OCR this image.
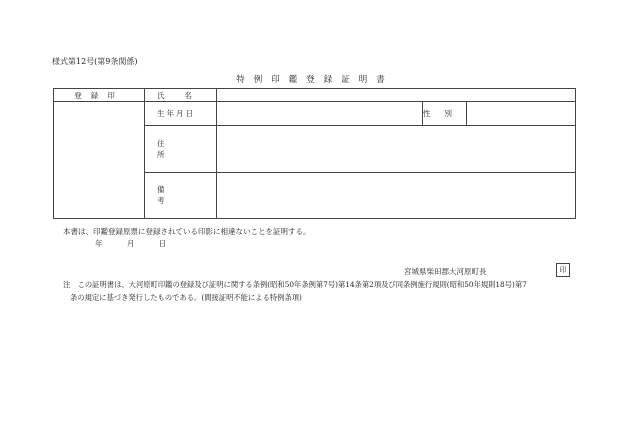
様式第12号(第9条関係)
特例印鑑登録証明書
登録印	氏名			

	生年月日		性別	

	住所			

	備考			

本書は、印鑑登録原票に登録されている印影に相違ないことを証明する。
年 月 日
宮城県柴田郡大河原町長	印
注　この証明書は、大河原町印鑑の登録及び証明に関する条例(昭和50年条例第7号)第14条第2項及び同条例施行規則(昭和50年規則18号)第7
条の規定に基づき発行したものである。(間接証明不能による特例条項)
